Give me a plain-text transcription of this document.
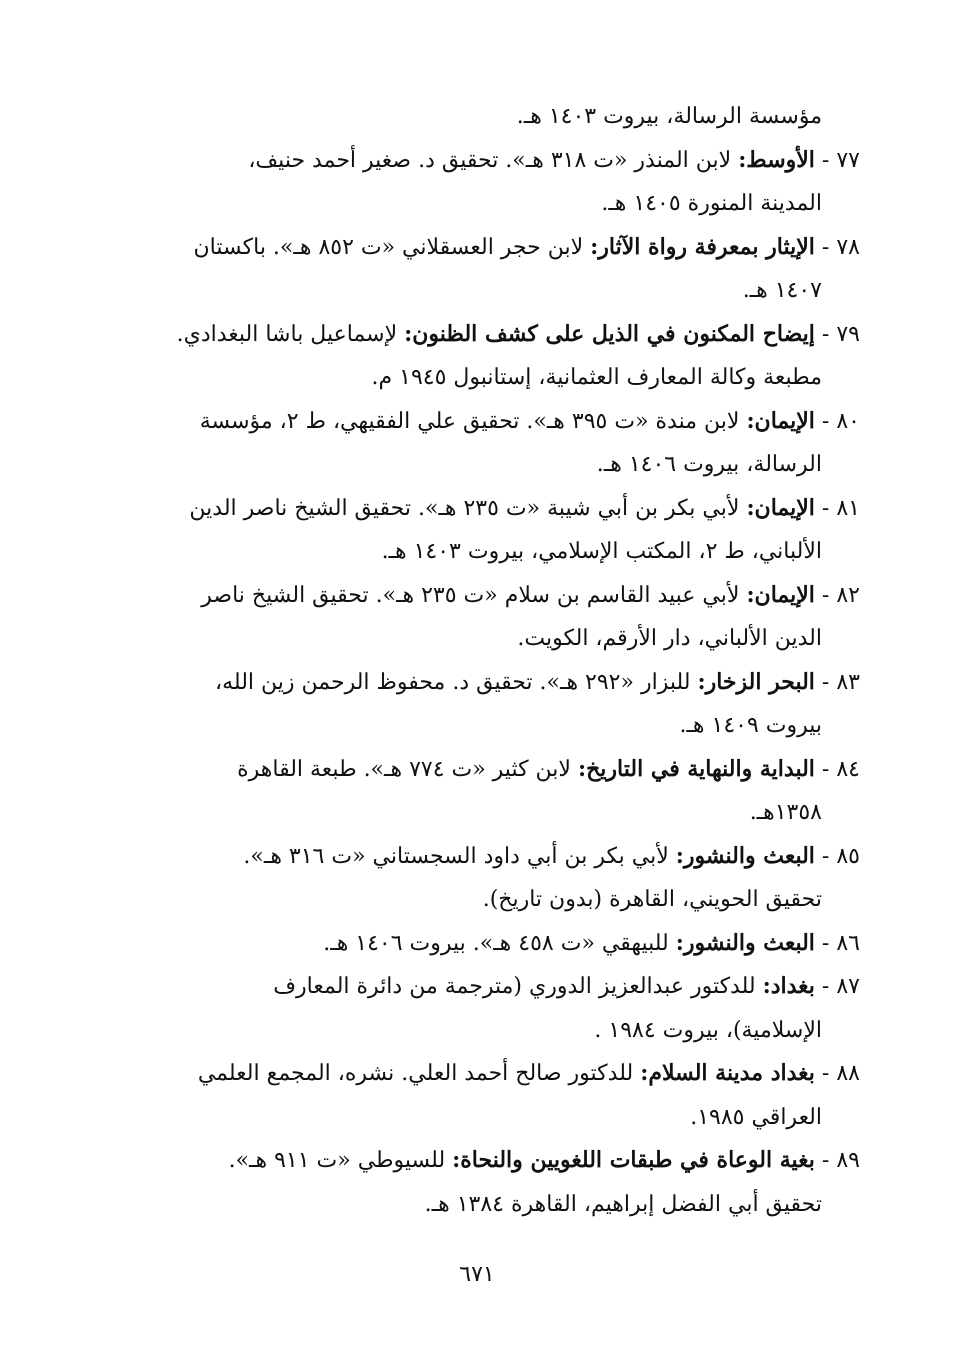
مؤسسة الرسالة، بيروت ١٤٠٣ هـ.
٧٧ - الأوسط: لابن المنذر «ت ٣١٨ هـ». تحقيق د. صغير أحمد حنيف،
المدينة المنورة ١٤٠٥ هـ.
٧٨ - الإيثار بمعرفة رواة الآثار: لابن حجر العسقلاني «ت ٨٥٢ هـ». باكستان
١٤٠٧ هـ.
٧٩ - إيضاح المكنون في الذيل على كشف الظنون: لإسماعيل باشا البغدادي.
مطبعة وكالة المعارف العثمانية، إستانبول ١٩٤٥ م.
٨٠ - الإيمان: لابن مندة «ت ٣٩٥ هـ». تحقيق علي الفقيهي، ط ٢، مؤسسة
الرسالة، بيروت ١٤٠٦ هـ.
٨١ - الإيمان: لأبي بكر بن أبي شيبة «ت ٢٣٥ هـ». تحقيق الشيخ ناصر الدين
الألباني، ط ٢، المكتب الإسلامي، بيروت ١٤٠٣ هـ.
٨٢ - الإيمان: لأبي عبيد القاسم بن سلام «ت ٢٣٥ هـ». تحقيق الشيخ ناصر
الدين الألباني، دار الأرقم، الكويت.
٨٣ - البحر الزخار: للبزار «٢٩٢ هـ». تحقيق د. محفوظ الرحمن زين الله،
بيروت ١٤٠٩ هـ.
٨٤ - البداية والنهاية في التاريخ: لابن كثير «ت ٧٧٤ هـ». طبعة القاهرة
١٣٥٨هـ.
٨٥ - البعث والنشور: لأبي بكر بن أبي داود السجستاني «ت ٣١٦ هـ».
تحقيق الحويني، القاهرة (بدون تاريخ).
٨٦ - البعث والنشور: للبيهقي «ت ٤٥٨ هـ». بيروت ١٤٠٦ هـ.
٨٧ - بغداد: للدكتور عبدالعزيز الدوري (مترجمة من دائرة المعارف
الإسلامية)، بيروت ١٩٨٤ .
٨٨ - بغداد مدينة السلام: للدكتور صالح أحمد العلي. نشره، المجمع العلمي
العراقي ١٩٨٥.
٨٩ - بغية الوعاة في طبقات اللغويين والنحاة: للسيوطي «ت ٩١١ هـ».
تحقيق أبي الفضل إبراهيم، القاهرة ١٣٨٤ هـ.
٦٧١
